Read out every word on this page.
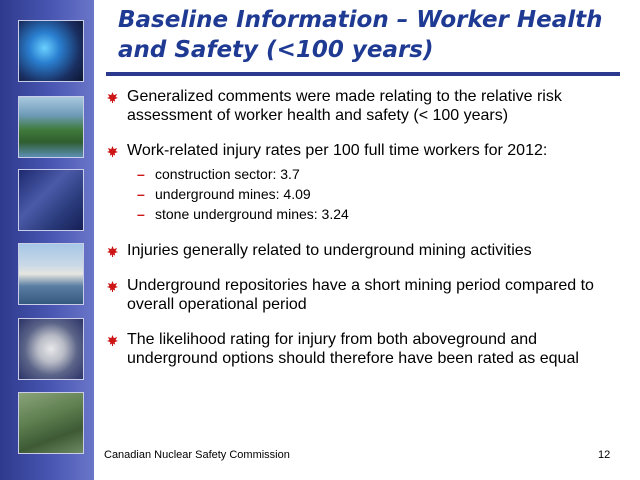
Baseline Information – Worker Health and Safety (<100 years)
Generalized comments were made relating to the relative risk assessment of worker health and safety (< 100 years)
Work-related injury rates per 100 full time workers for 2012:
– construction sector: 3.7
– underground mines: 4.09
– stone underground mines: 3.24
Injuries generally related to underground mining activities
Underground repositories have a short mining period compared to overall operational period
The likelihood rating for injury from both aboveground and underground options should therefore have been rated as equal
Canadian Nuclear Safety Commission	12
